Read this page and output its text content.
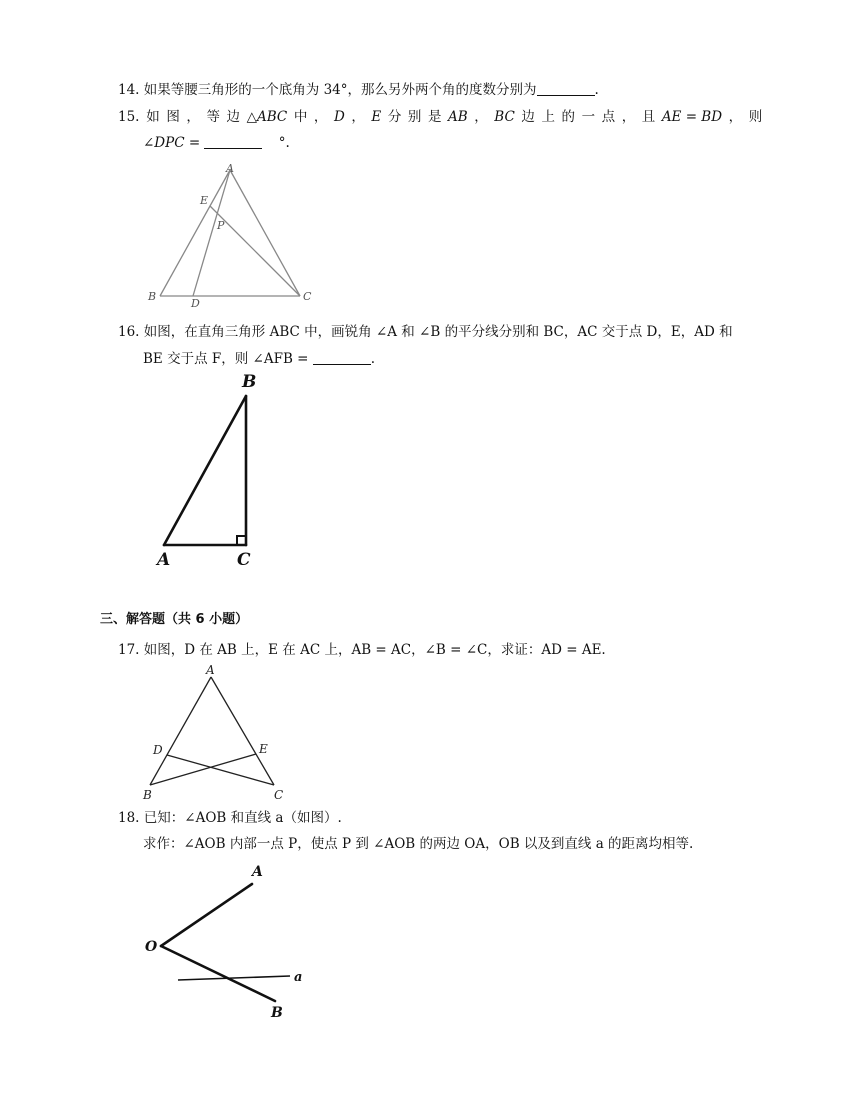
14. 如果等腰三角形的一个底角为 34°，那么另外两个角的度数分别为	.
15. 如 图 ， 等 边 △ABC 中 ， D ， E 分 别 是 AB ， BC 边 上 的 一 点 ， 且 AE = BD ， 则
∠DPC =	°.
A
E
P
B
D
C
16. 如图，在直角三角形 ABC 中，画锐角 ∠A 和 ∠B 的平分线分别和 BC，AC 交于点 D，E，AD 和
BE 交于点 F，则 ∠AFB =	.
B
A	C
三、解答题（共 6 小题）
17. 如图，D 在 AB 上，E 在 AC 上，AB = AC，∠B = ∠C，求证：AD = AE.
A
D	E
B	C
18. 已知：∠AOB 和直线 a（如图）.
求作：∠AOB 内部一点 P，使点 P 到 ∠AOB 的两边 OA，OB 以及到直线 a 的距离均相等.
A
O
a
B
